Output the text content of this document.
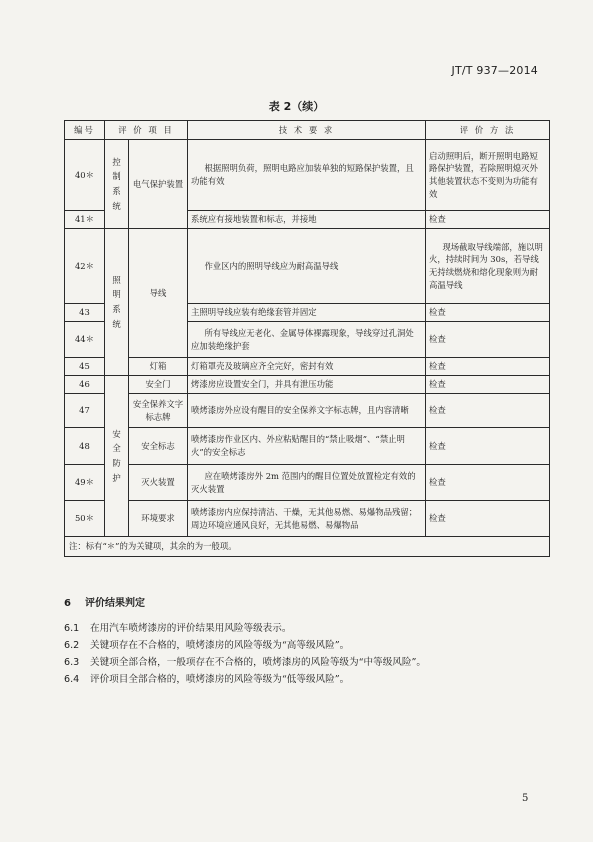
JT/T 937—2014
表 2（续）
编号	评 价 项 目		技 术 要 求	评 价 方 法
40＊	控制系统	电气保护装置	根据照明负荷，照明电路应加装单独的短路保护装置，且功能有效	启动照明后，断开照明电路短路保护装置，若除照明熄灭外其他装置状态不变则为功能有效
41＊			系统应有接地装置和标志，并接地	检查
42＊	照明系统	导线	作业区内的照明导线应为耐高温导线	现场截取导线端部，施以明火，持续时间为 30s，若导线无持续燃烧和熔化现象则为耐高温导线
43			主照明导线应装有绝缘套管并固定	检查
44＊			所有导线应无老化、金属导体裸露现象，导线穿过孔洞处应加装绝缘护套	检查
45		灯箱	灯箱罩壳及玻璃应齐全完好，密封有效	检查
46	安全防护	安全门	烤漆房应设置安全门，并具有泄压功能	检查
47		安全保养文字标志牌	喷烤漆房外应设有醒目的安全保养文字标志牌，且内容清晰	检查
48		安全标志	喷烤漆房作业区内、外应粘贴醒目的“禁止吸烟”、“禁止明火”的安全标志	检查
49＊		灭火装置	应在喷烤漆房外 2m 范围内的醒目位置处放置检定有效的灭火装置	检查
50＊		环境要求	喷烤漆房内应保持清洁、干燥，无其他易燃、易爆物品残留；周边环境应通风良好，无其他易燃、易爆物品	检查
注：标有“＊”的为关键项，其余的为一般项。				
6 评价结果判定
6.1 在用汽车喷烤漆房的评价结果用风险等级表示。
6.2 关键项存在不合格的，喷烤漆房的风险等级为“高等级风险”。
6.3 关键项全部合格，一般项存在不合格的，喷烤漆房的风险等级为“中等级风险”。
6.4 评价项目全部合格的，喷烤漆房的风险等级为“低等级风险”。
5
